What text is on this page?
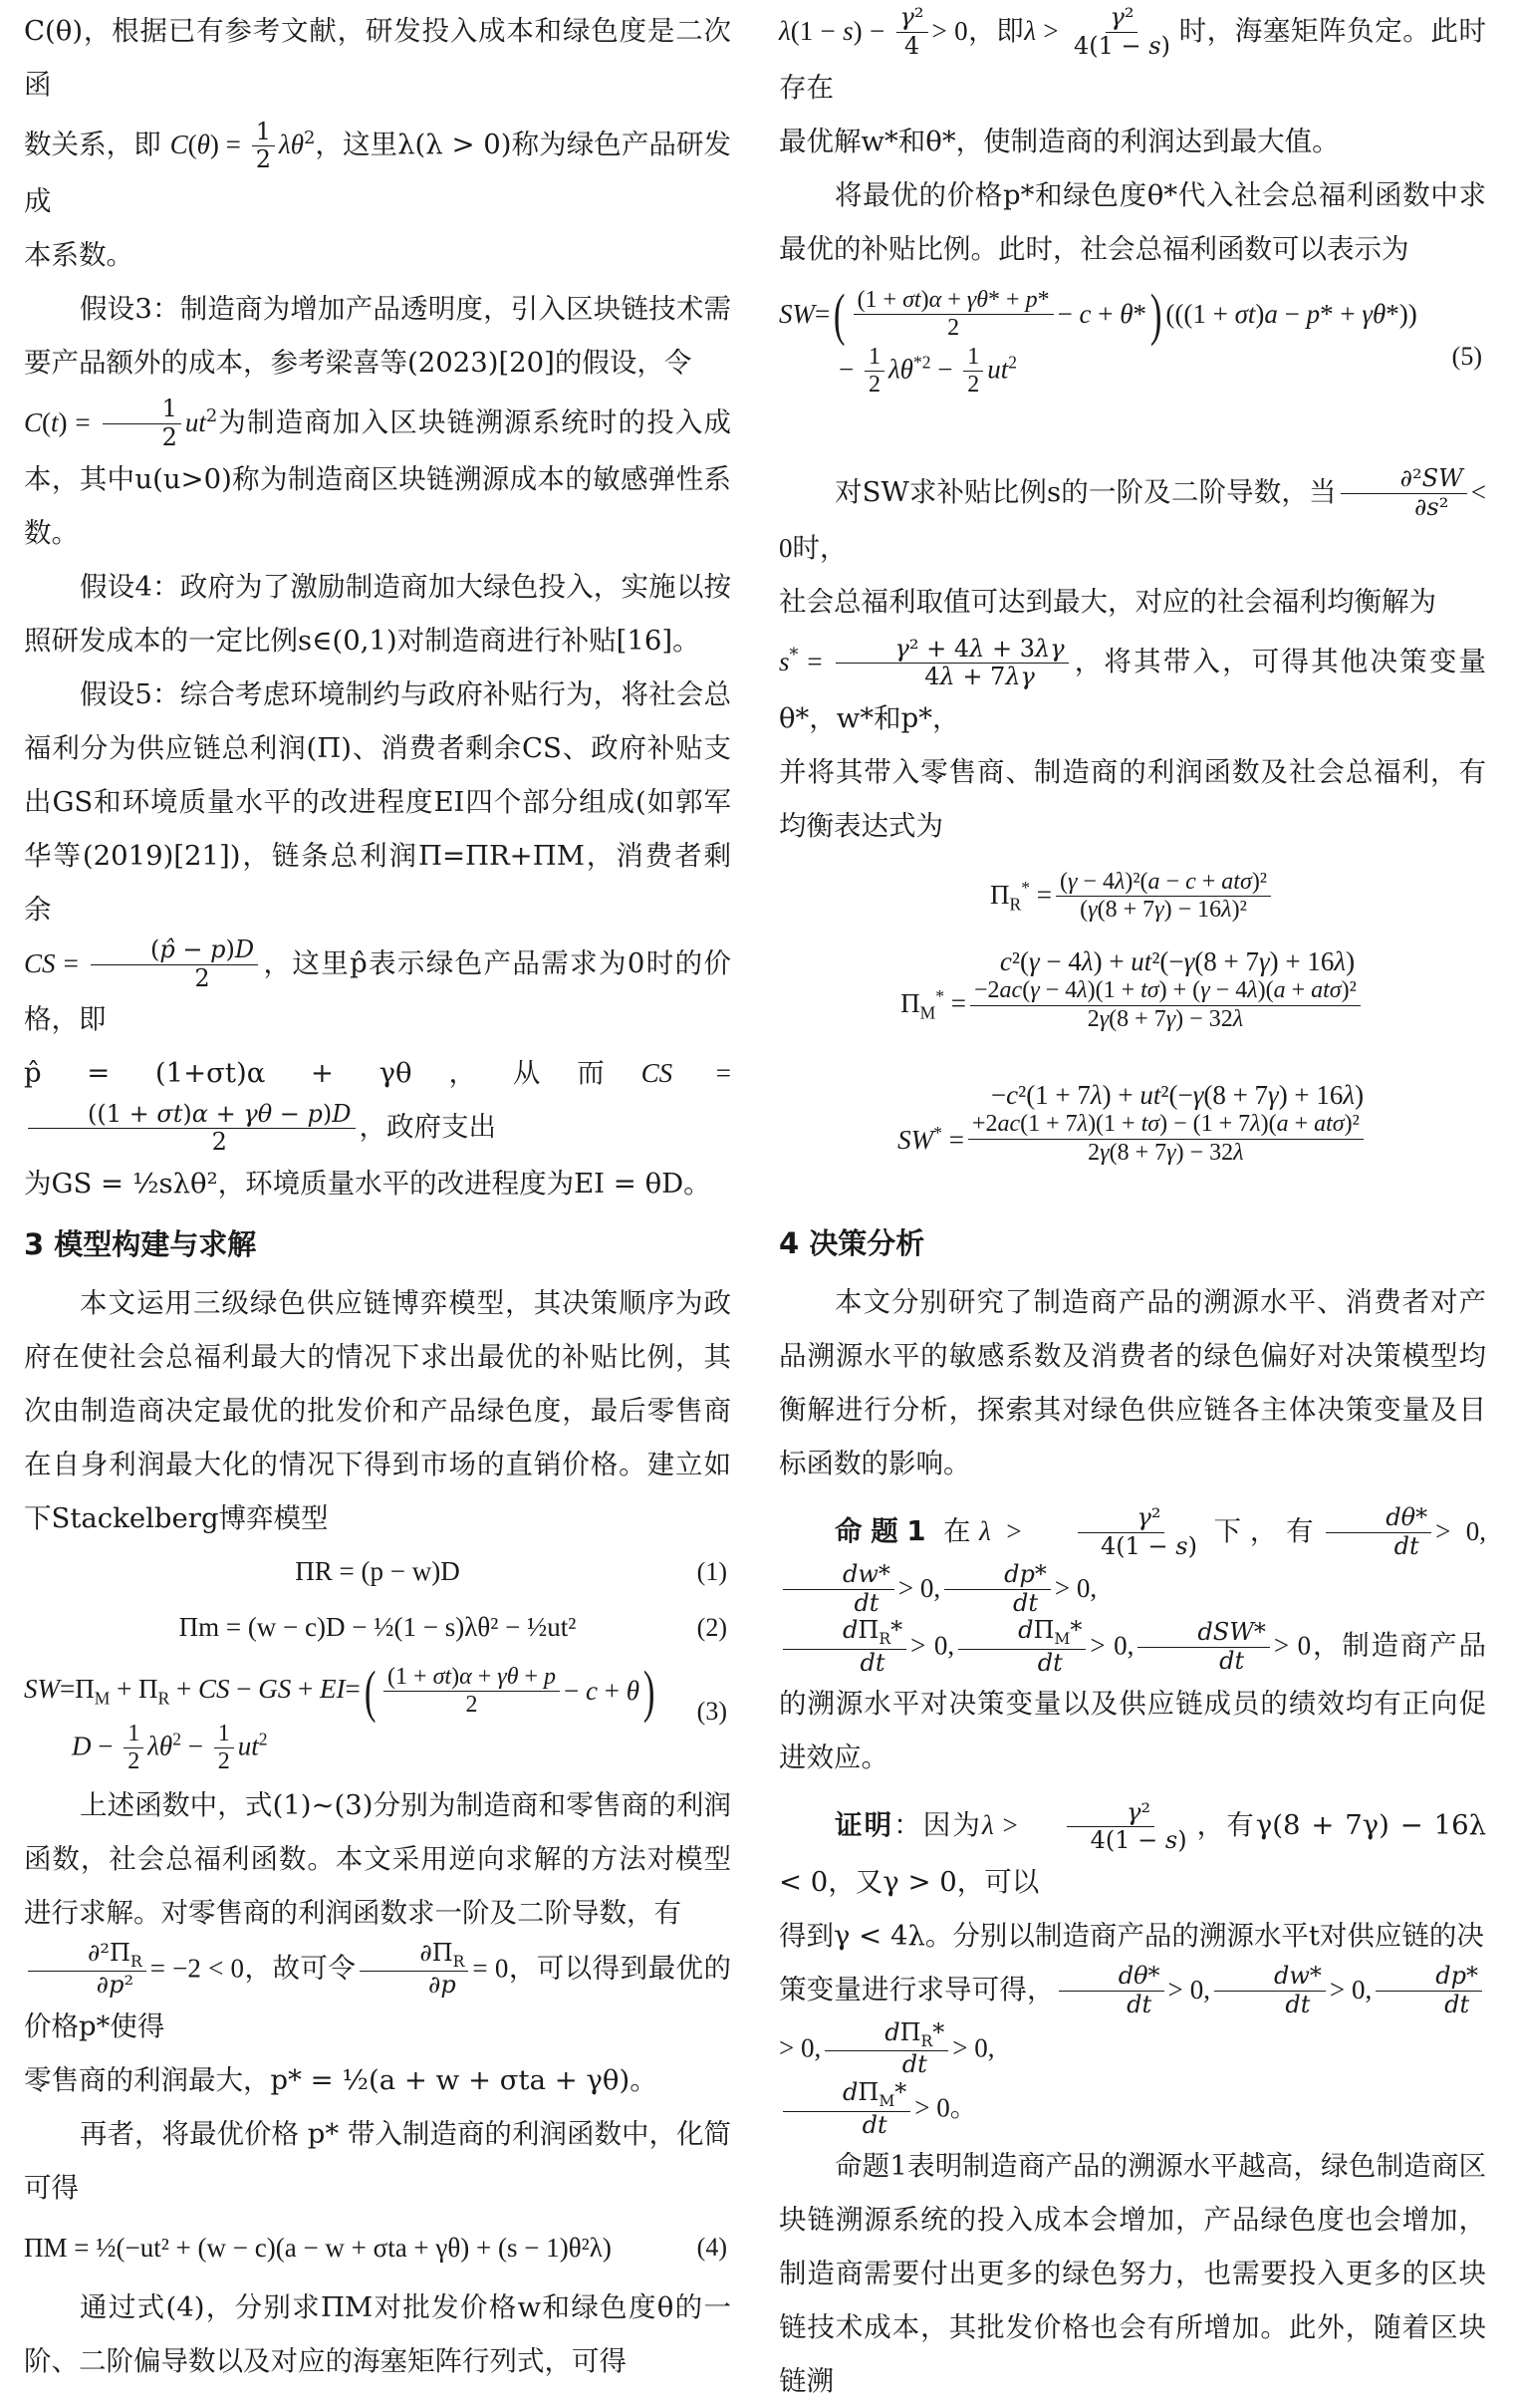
C(θ)，根据已有参考文献，研发投入成本和绿色度是二次函
数关系，即 $C(\theta) = \frac{1}{2} \lambda\theta^2$，这里λ(λ > 0)称为绿色产品研发成
本系数。

假设3：制造商为增加产品透明度，引入区块链技术需要产品额外的成本，参考梁喜等(2023)[20]的假设，令
$C(t) = \frac{1}{2} ut^2$为制造商加入区块链溯源系统时的投入成本，其中u(u>0)称为制造商区块链溯源成本的敏感弹性系数。

假设4：政府为了激励制造商加大绿色投入，实施以按照研发成本的一定比例s∈(0,1)对制造商进行补贴[16]。

假设5：综合考虑环境制约与政府补贴行为，将社会总福利分为供应链总利润(Π)、消费者剩余CS、政府补贴支出GS和环境质量水平的改进程度EI四个部分组成(如郭军华等(2019)[21])，链条总利润Π=ΠR+ΠM，消费者剩余
CS = $\frac{(p̂ - p)D}{2}$ ，这里p̂表示绿色产品需求为0时的价格，即
p̂ = (1+σt)α + γθ，从而CS =
$\frac{((1 + \sigma t)\alpha + \gamma\theta - p)D}{2}$ ，政府支出
为GS = ½sλθ²，环境质量水平的改进程度为EI = θD。

3 模型构建与求解

本文运用三级绿色供应链博弈模型，其决策顺序为政府在使社会总福利最大的情况下求出最优的补贴比例，其次由制造商决定最优的批发价和产品绿色度，最后零售商在自身利润最大化的情况下得到市场的直销价格。建立如下Stackelberg博弈模型

ΠR = (p − w)D	(1)
Πm = (w − c)D − ½(1 − s)λθ² − ½ut²	(2)
$SW=\Pi_M + \Pi_R$ + CS − GS + EI= ( $\frac{(1 + \sigma t)\alpha + \gamma\theta + p}{2} - c + \theta$ )
$D - \frac{1}{2} \lambda\theta^2 - \frac{1}{2} ut^2$
(3)

上述函数中，式(1)~(3)分别为制造商和零售商的利润函数，社会总福利函数。本文采用逆向求解的方法对模型进行求解。对零售商的利润函数求一阶及二阶导数，有

$\frac{\partial^2\Pi_R}{\text{∂p²}} = -2 < 0$，故可令 $\frac{\partial\Pi_R}{\partial p} = 0$，可以得到最优的价格p*使得
零售商的利润最大，p* = ½(a + w + σta + γθ)。

再者，将最优价格 p* 带入制造商的利润函数中，化简可得

ΠM = ½(−ut² + (w − c)(a − w + σta + γθ) + (s − 1)θ²λ)	(4)

通过式(4)，分别求ΠM对批发价格w和绿色度θ的一阶、二阶偏导数以及对应的海塞矩阵行列式，可得

$\lambda(1 - s) - \frac{\text{γ²}}{4} > 0$，即$\lambda > \frac{\text{γ²}}{4(1 - s)}$ 时，海塞矩阵负定。此时存在
最优解w*和θ*，使制造商的利润达到最大值。

将最优的价格p*和绿色度θ*代入社会总福利函数中求最优的补贴比例。此时，社会总福利函数可以表示为

SW= ( $\frac{(1 + \sigma t)\alpha + \gamma\theta* + p*}{2} - c + \theta*$ ) (((1 + σt)a − p* + γθ*))
− $\frac{1}{2} \lambda\theta^{*2} - \frac{1}{2} ut^2$	(5)

对SW求补贴比例s的一阶及二阶导数，当 $\frac{\text{∂²SW}}{\text{∂s²}} < 0$时，
社会总福利取值可达到最大，对应的社会福利均衡解为
$s^* = \frac{\text{γ² + 4λ + 3λγ}}{4\lambda + 7\lambda\gamma}$ ，将其带入，可得其他决策变量θ*，w*和p*，
并将其带入零售商、制造商的利润函数及社会总福利，有均衡表达式为

$\Pi_R^* = \frac{\text{(γ − 4λ)²(a − c + atσ)²}}{\text{(γ(8 + 7γ) − 16λ)²}}$
c²(γ − 4λ) + ut²(−γ(8 + 7γ) + 16λ)
$\Pi_M^* = \frac{\text{−2ac(γ − 4λ)(1 + tσ) + (γ − 4λ)(a + atσ)²}}{2\gamma(8 + 7\gamma) - 32\lambda}$
−c²(1 + 7λ) + ut²(−γ(8 + 7γ) + 16λ)
$SW^* = \frac{\text{+2ac(1 + 7λ)(1 + tσ) − (1 + 7λ)(a + atσ)²}}{2\gamma(8 + 7\gamma) - 32\lambda}$
4 决策分析

本文分别研究了制造商产品的溯源水平、消费者对产品溯源水平的敏感系数及消费者的绿色偏好对决策模型均衡解进行分析，探索其对绿色供应链各主体决策变量及目标函数的影响。

命题1 在$\lambda > \frac{\text{γ²}}{4(1 - s)}$ 下，有 $\frac{d\theta*}{dt} > 0$,
$\frac{dw*}{dt} > 0$, $\frac{dp*}{dt} > 0$,

$\frac{d\Pi_R*}{dt} > 0$, $\frac{d\Pi_M*}{dt} > 0$, $\frac{\text{dSW*}}{dt} > 0$，制造商产品的溯源水平对决策变量以及供应链成员的绩效均有正向促进效应。

证明：因为$\lambda > \frac{\text{γ²}}{4(1 - s)}$ ，有γ(8 + 7γ) − 16λ < 0，又γ > 0，可以
得到γ < 4λ。分别以制造商产品的溯源水平t对供应链的决
策变量进行求导可得， $\frac{d\theta*}{dt} > 0$, $\frac{dw*}{dt} > 0$, $\frac{dp*}{dt}$
> 0, $\frac{d\Pi_R*}{dt} > 0$,

$\frac{d\Pi_M*}{dt} > 0$。

命题1表明制造商产品的溯源水平越高，绿色制造商区块链溯源系统的投入成本会增加，产品绿色度也会增加，制造商需要付出更多的绿色努力，也需要投入更多的区块链技术成本，其批发价格也会有所增加。此外，随着区块链溯
